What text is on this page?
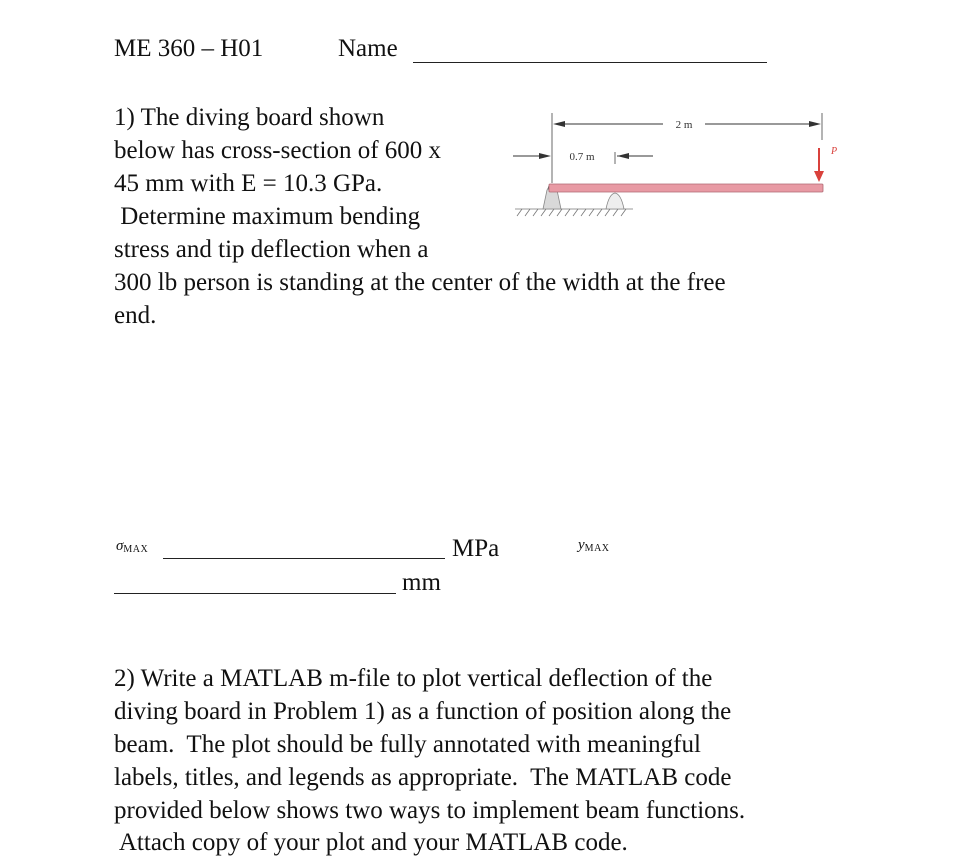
ME 360 – H01	Name
1) The diving board shown
below has cross-section of 600 x
45 mm with E = 10.3 GPa.
Determine maximum bending
stress and tip deflection when a
300 lb person is standing at the center of the width at the free
end.
2 m
0.7 m	P
$\sigma_{MAX}$	MPa	$y_{MAX}$
mm
2) Write a MATLAB m-file to plot vertical deflection of the
diving board in Problem 1) as a function of position along the
beam.  The plot should be fully annotated with meaningful
labels, titles, and legends as appropriate.  The MATLAB code
provided below shows two ways to implement beam functions.
Attach copy of your plot and your MATLAB code.
